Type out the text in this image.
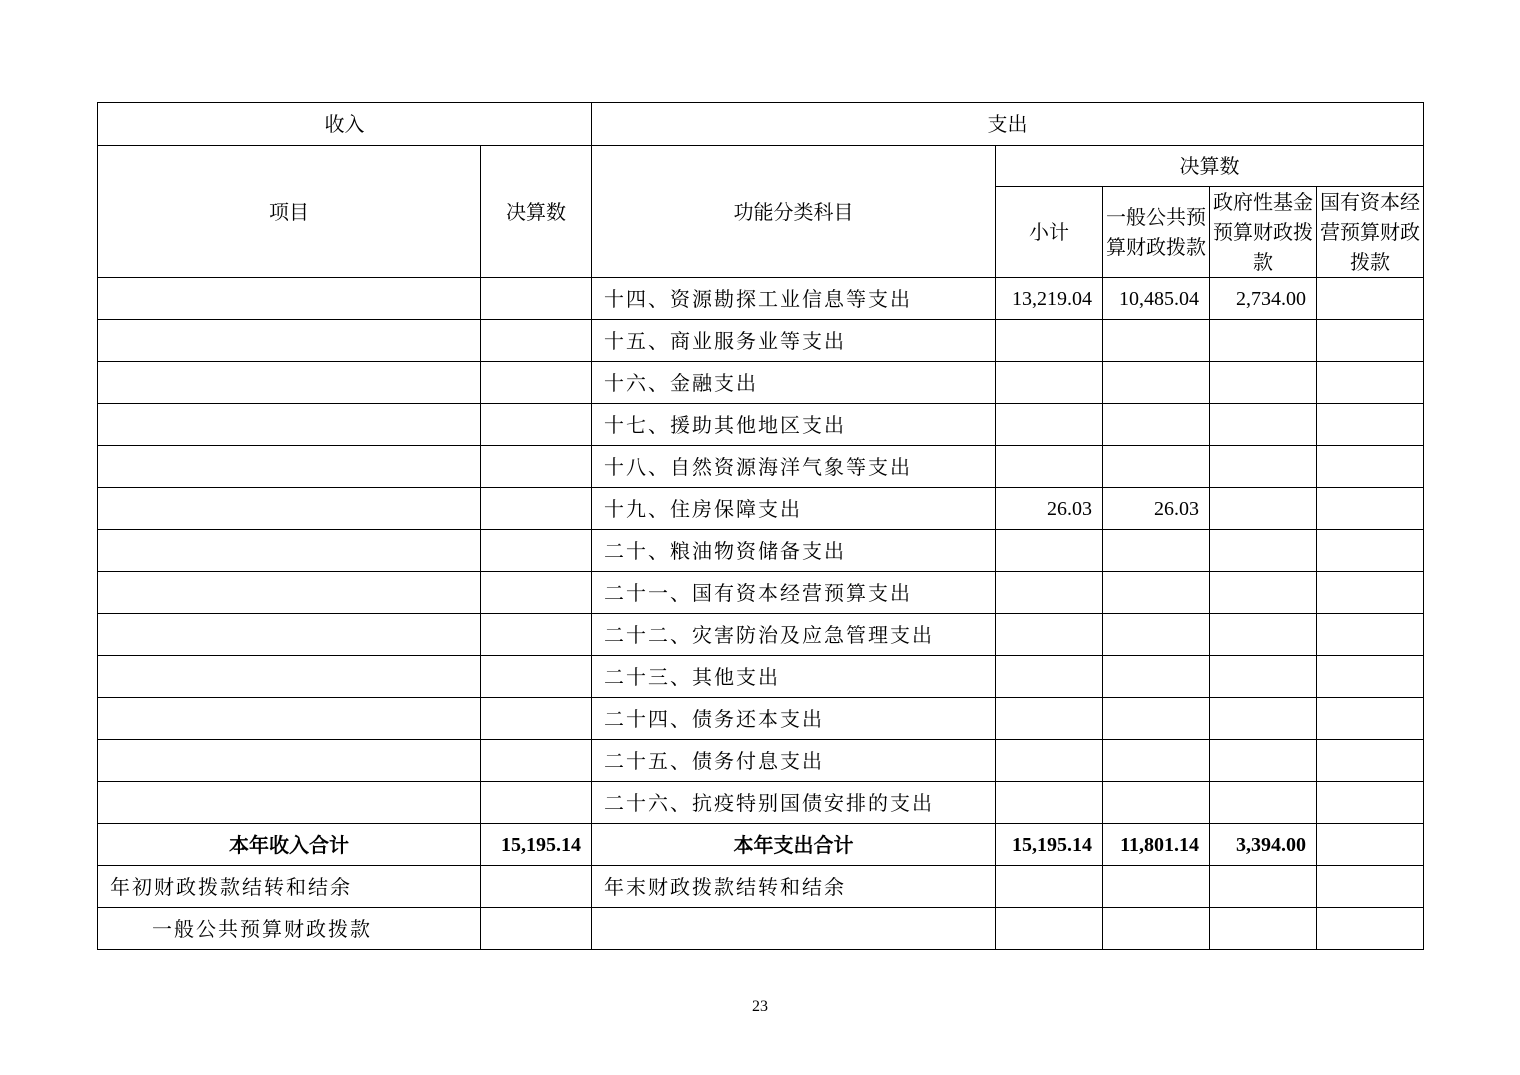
收入		支出				
项目	决算数	功能分类科目	决算数			
			小计	一般公共预算财政拨款	政府性基金预算财政拨款	国有资本经营预算财政拨款
		十四、资源勘探工业信息等支出	13,219.04	10,485.04	2,734.00	
		十五、商业服务业等支出				
		十六、金融支出				
		十七、援助其他地区支出				
		十八、自然资源海洋气象等支出				
		十九、住房保障支出	26.03	26.03		
		二十、粮油物资储备支出				
		二十一、国有资本经营预算支出				
		二十二、灾害防治及应急管理支出				
		二十三、其他支出				
		二十四、债务还本支出				
		二十五、债务付息支出				
		二十六、抗疫特别国债安排的支出				
本年收入合计	15,195.14	本年支出合计	15,195.14	11,801.14	3,394.00	
年初财政拨款结转和结余		年末财政拨款结转和结余				
一般公共预算财政拨款						
23
